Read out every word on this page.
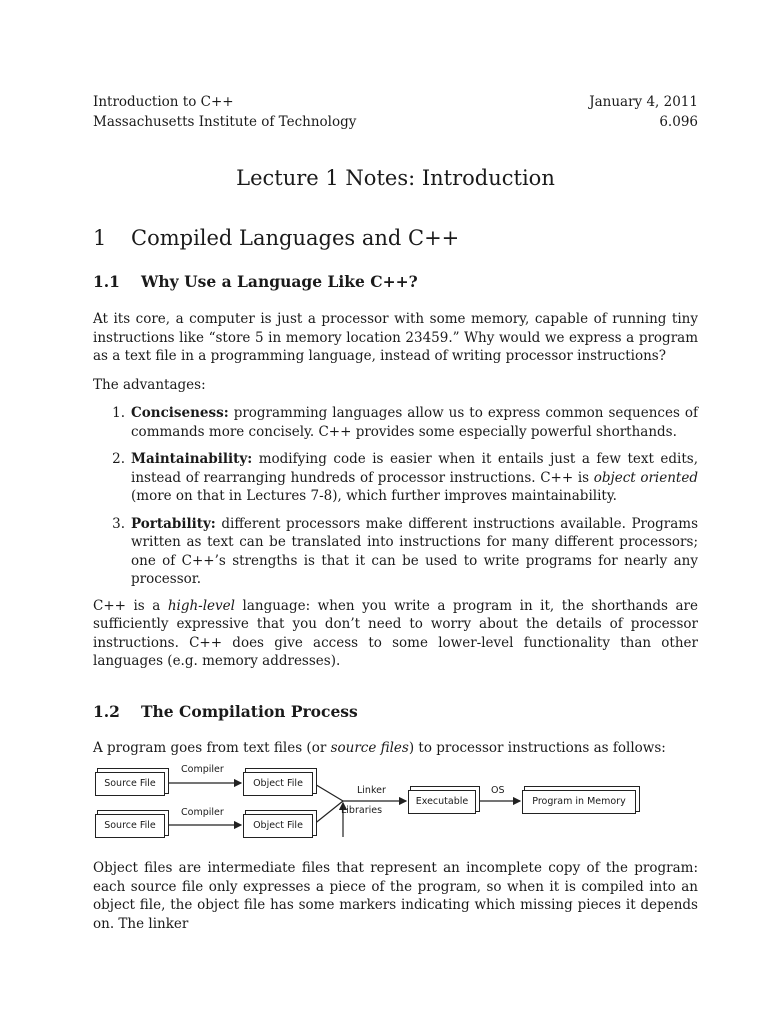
Introduction to C++
Massachusetts Institute of Technology
January 4, 2011
6.096
Lecture 1 Notes: Introduction
1	Compiled Languages and C++
1.1	Why Use a Language Like C++?

At its core, a computer is just a processor with some memory, capable of running tiny instructions like “store 5 in memory location 23459.” Why would we express a program as a text file in a programming language, instead of writing processor instructions?

The advantages:

1. Conciseness: programming languages allow us to express common sequences of commands more concisely. C++ provides some especially powerful shorthands.
2. Maintainability: modifying code is easier when it entails just a few text edits, instead of rearranging hundreds of processor instructions. C++ is object oriented (more on that in Lectures 7-8), which further improves maintainability.
3. Portability: different processors make different instructions available. Programs written as text can be translated into instructions for many different processors; one of C++’s strengths is that it can be used to write programs for nearly any processor.

C++ is a high-level language: when you write a program in it, the shorthands are sufficiently expressive that you don’t need to worry about the details of processor instructions. C++ does give access to some lower-level functionality than other languages (e.g. memory addresses).

1.2	The Compilation Process

A program goes from text files (or source files) to processor instructions as follows:

Source File
Source File
Object File
Object File
Executable	Program in Memory
Compiler
Compiler
Linker
Libraries
OS

Object files are intermediate files that represent an incomplete copy of the program: each source file only expresses a piece of the program, so when it is compiled into an object file, the object file has some markers indicating which missing pieces it depends on. The linker
